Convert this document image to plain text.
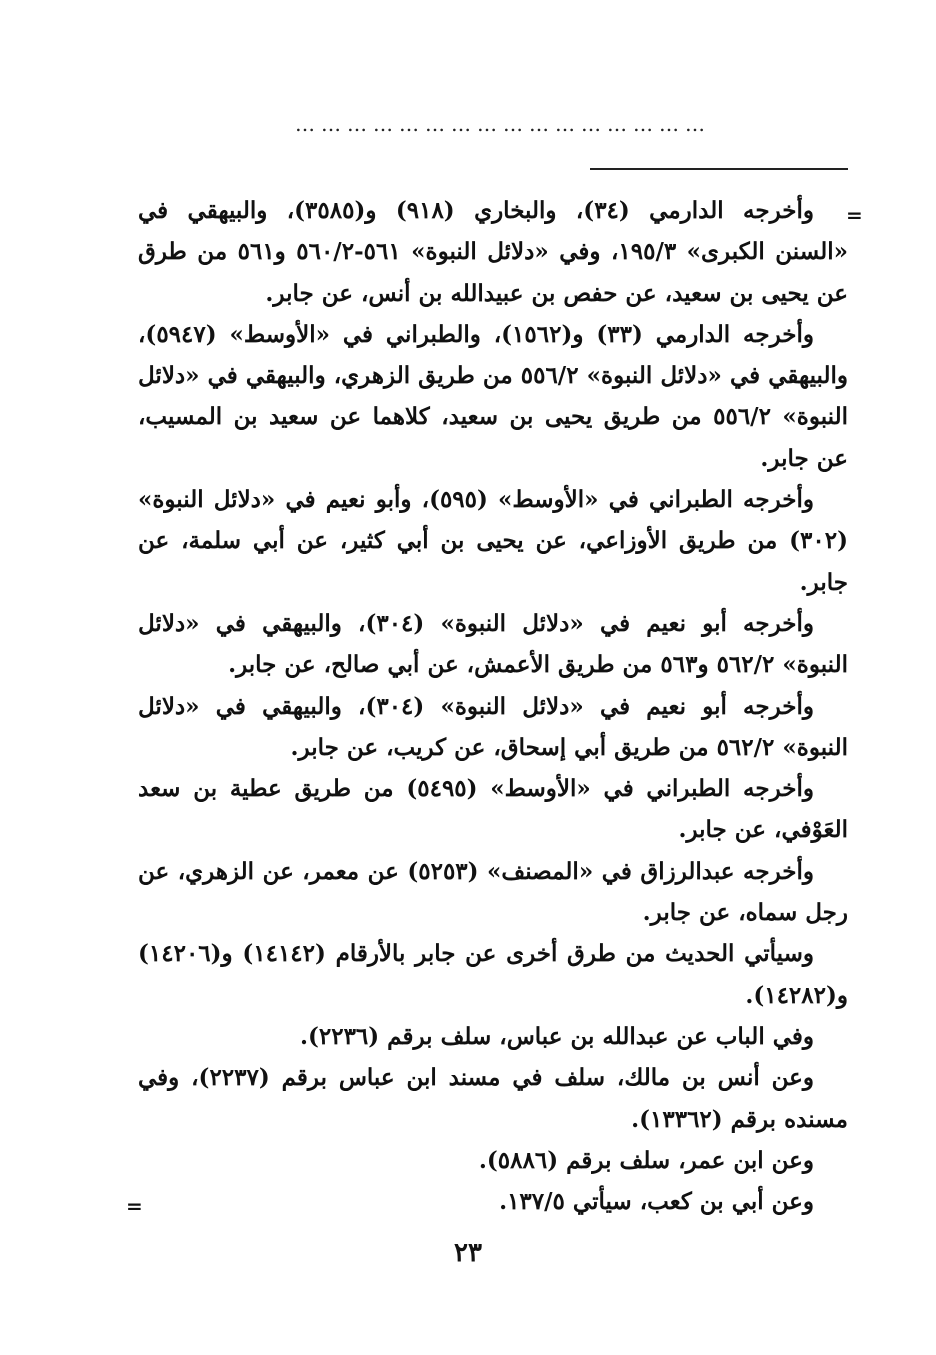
…………………………………………
=

وأخرجه الدارمي (٣٤)، والبخاري (٩١٨) و(٣٥٨٥)، والبيهقي في «السنن الكبرى» ١٩٥/٣، وفي «دلائل النبوة» ٥٦١-٥٦٠/٢ و٥٦١ من طرق عن يحيى بن سعيد، عن حفص بن عبيدالله بن أنس، عن جابر.

وأخرجه الدارمي (٣٣) و(١٥٦٢)، والطبراني في «الأوسط» (٥٩٤٧)، والبيهقي في «دلائل النبوة» ٥٥٦/٢ من طريق الزهري، والبيهقي في «دلائل النبوة» ٥٥٦/٢ من طريق يحيى بن سعيد، كلاهما عن سعيد بن المسيب، عن جابر.

وأخرجه الطبراني في «الأوسط» (٥٩٥)، وأبو نعيم في «دلائل النبوة» (٣٠٢) من طريق الأوزاعي، عن يحيى بن أبي كثير، عن أبي سلمة، عن جابر.

وأخرجه أبو نعيم في «دلائل النبوة» (٣٠٤)، والبيهقي في «دلائل النبوة» ٥٦٢/٢ و٥٦٣ من طريق الأعمش، عن أبي صالح، عن جابر.

وأخرجه أبو نعيم في «دلائل النبوة» (٣٠٤)، والبيهقي في «دلائل النبوة» ٥٦٢/٢ من طريق أبي إسحاق، عن كريب، عن جابر.

وأخرجه الطبراني في «الأوسط» (٥٤٩٥) من طريق عطية بن سعد العَوْفي، عن جابر.

وأخرجه عبدالرزاق في «المصنف» (٥٢٥٣) عن معمر، عن الزهري، عن رجل سماه، عن جابر.

وسيأتي الحديث من طرق أخرى عن جابر بالأرقام (١٤١٤٢) و(١٤٢٠٦) و(١٤٢٨٢).

وفي الباب عن عبدالله بن عباس، سلف برقم (٢٢٣٦).

وعن أنس بن مالك، سلف في مسند ابن عباس برقم (٢٢٣٧)، وفي مسنده برقم (١٣٣٦٢).

وعن ابن عمر، سلف برقم (٥٨٨٦).

وعن أبي بن كعب، سيأتي ١٣٧/٥.

=
٢٣
